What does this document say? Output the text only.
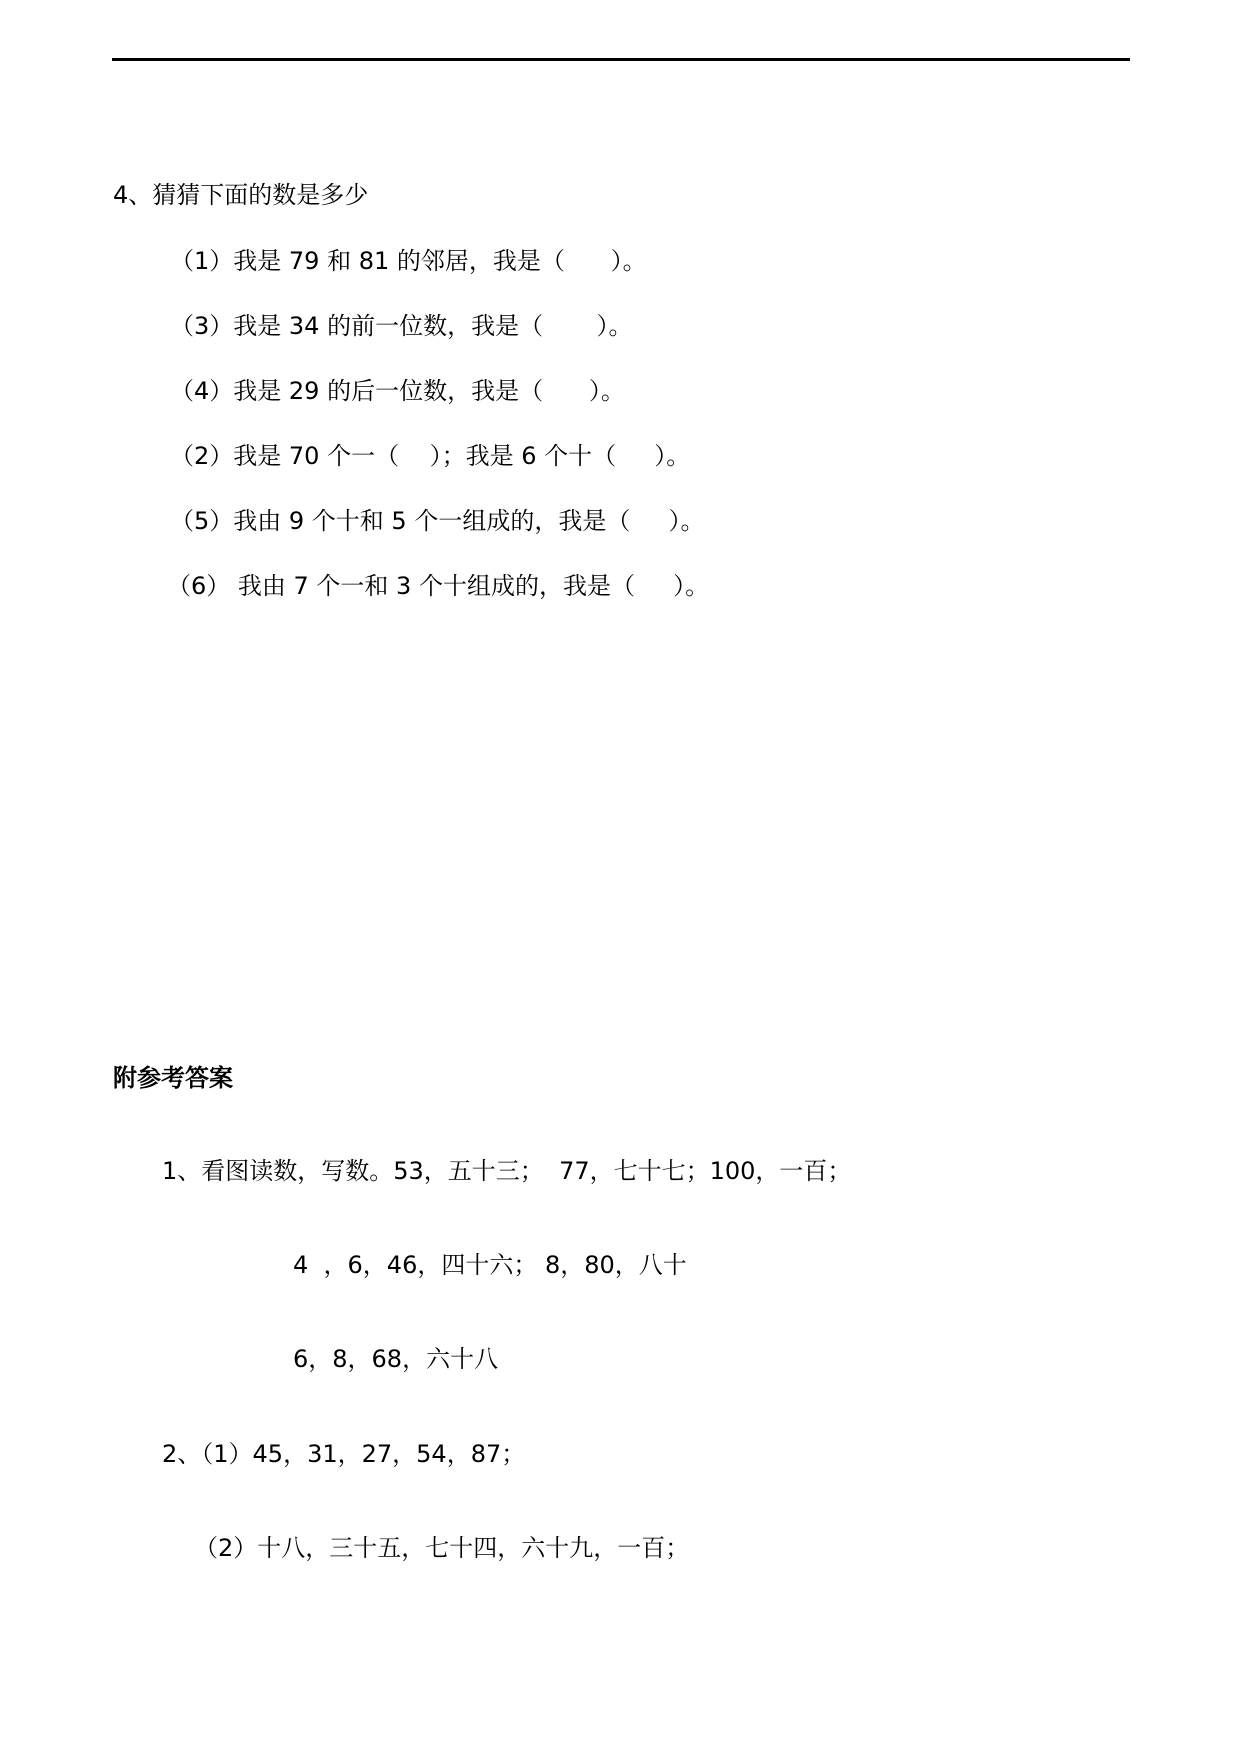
4、猜猜下面的数是多少
（1）我是 79 和 81 的邻居，我是（      ）。
（3）我是 34 的前一位数，我是（       ）。
（4）我是 29 的后一位数，我是（      ）。
（2）我是 70 个一（    ）；我是 6 个十（     ）。
（5）我由 9 个十和 5 个一组成的，我是（     ）。
（6） 我由 7 个一和 3 个十组成的，我是（     ）。
附参考答案
1、看图读数，写数。53，五十三；  77，七十七；100，一百；
4  ，6，46，四十六； 8，80，八十
6，8，68，六十八
2、（1）45，31，27，54，87；
（2）十八，三十五，七十四，六十九，一百；
